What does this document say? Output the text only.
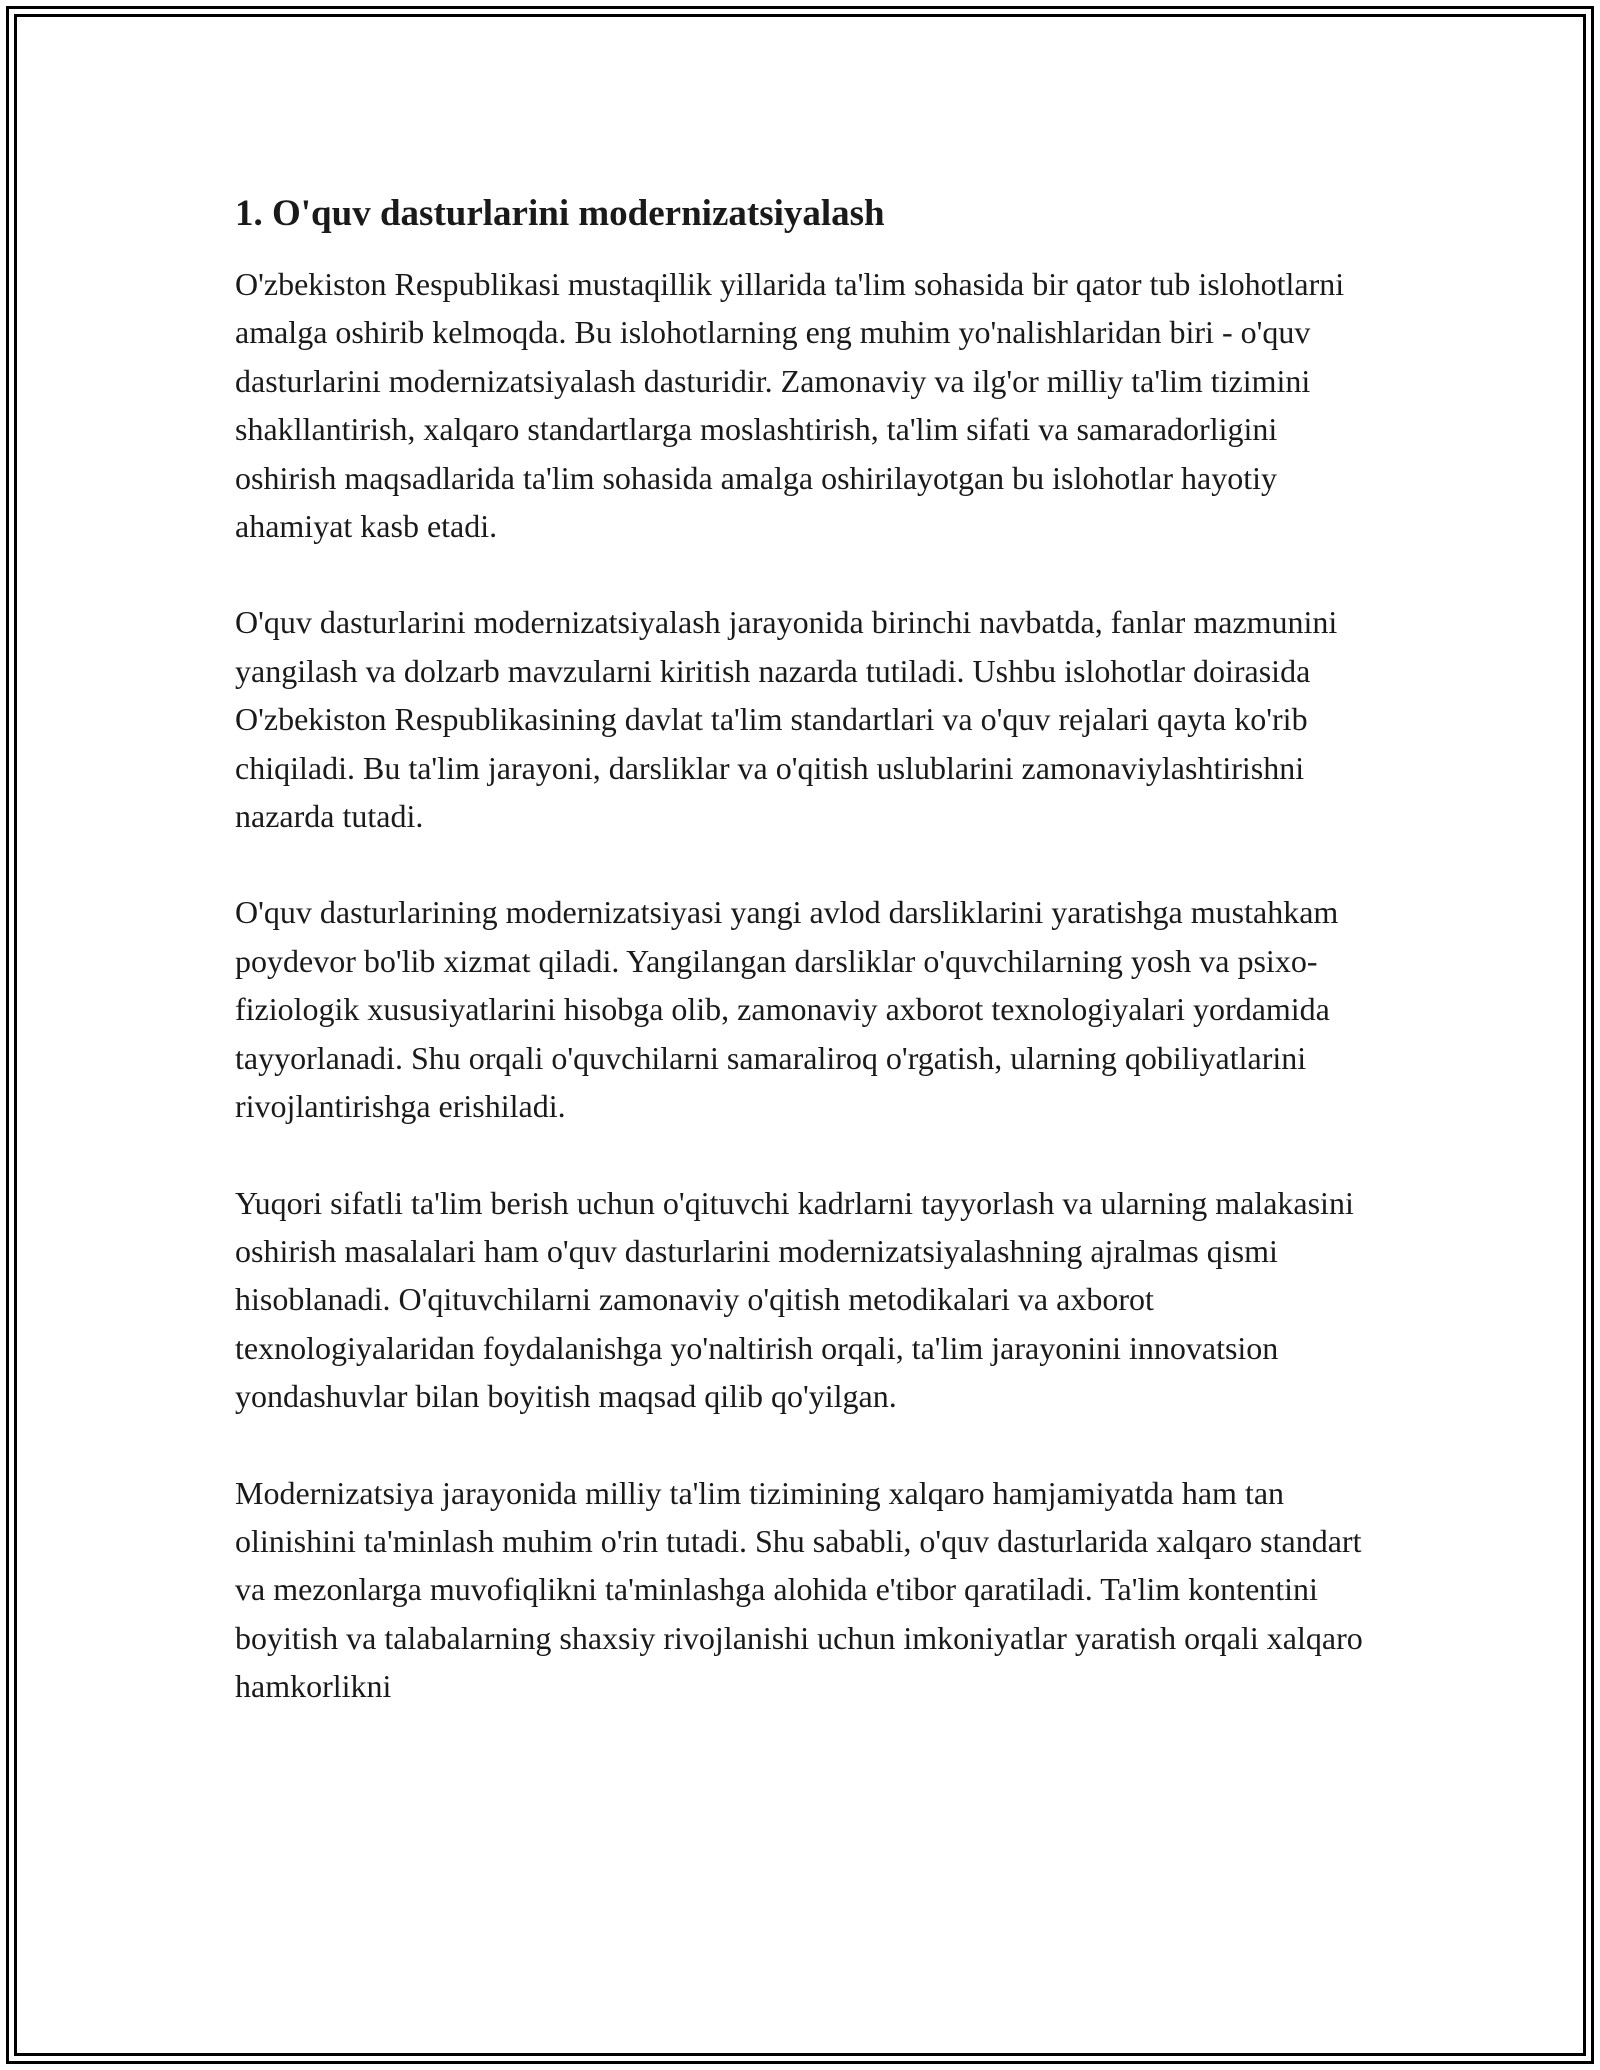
1. O'quv dasturlarini modernizatsiyalash

O'zbekiston Respublikasi mustaqillik yillarida ta'lim sohasida bir qator tub islohotlarni amalga oshirib kelmoqda. Bu islohotlarning eng muhim yo'nalishlaridan biri - o'quv dasturlarini modernizatsiyalash dasturidir. Zamonaviy va ilg'or milliy ta'lim tizimini shakllantirish, xalqaro standartlarga moslashtirish, ta'lim sifati va samaradorligini oshirish maqsadlarida ta'lim sohasida amalga oshirilayotgan bu islohotlar hayotiy ahamiyat kasb etadi.

O'quv dasturlarini modernizatsiyalash jarayonida birinchi navbatda, fanlar mazmunini yangilash va dolzarb mavzularni kiritish nazarda tutiladi. Ushbu islohotlar doirasida O'zbekiston Respublikasining davlat ta'lim standartlari va o'quv rejalari qayta ko'rib chiqiladi. Bu ta'lim jarayoni, darsliklar va o'qitish uslublarini zamonaviylashtirishni nazarda tutadi.

O'quv dasturlarining modernizatsiyasi yangi avlod darsliklarini yaratishga mustahkam poydevor bo'lib xizmat qiladi. Yangilangan darsliklar o'quvchilarning yosh va psixo-fiziologik xususiyatlarini hisobga olib, zamonaviy axborot texnologiyalari yordamida tayyorlanadi. Shu orqali o'quvchilarni samaraliroq o'rgatish, ularning qobiliyatlarini rivojlantirishga erishiladi.

Yuqori sifatli ta'lim berish uchun o'qituvchi kadrlarni tayyorlash va ularning malakasini oshirish masalalari ham o'quv dasturlarini modernizatsiyalashning ajralmas qismi hisoblanadi. O'qituvchilarni zamonaviy o'qitish metodikalari va axborot texnologiyalaridan foydalanishga yo'naltirish orqali, ta'lim jarayonini innovatsion yondashuvlar bilan boyitish maqsad qilib qo'yilgan.

Modernizatsiya jarayonida milliy ta'lim tizimining xalqaro hamjamiyatda ham tan olinishini ta'minlash muhim o'rin tutadi. Shu sababli, o'quv dasturlarida xalqaro standart va mezonlarga muvofiqlikni ta'minlashga alohida e'tibor qaratiladi. Ta'lim kontentini boyitish va talabalarning shaxsiy rivojlanishi uchun imkoniyatlar yaratish orqali xalqaro hamkorlikni
